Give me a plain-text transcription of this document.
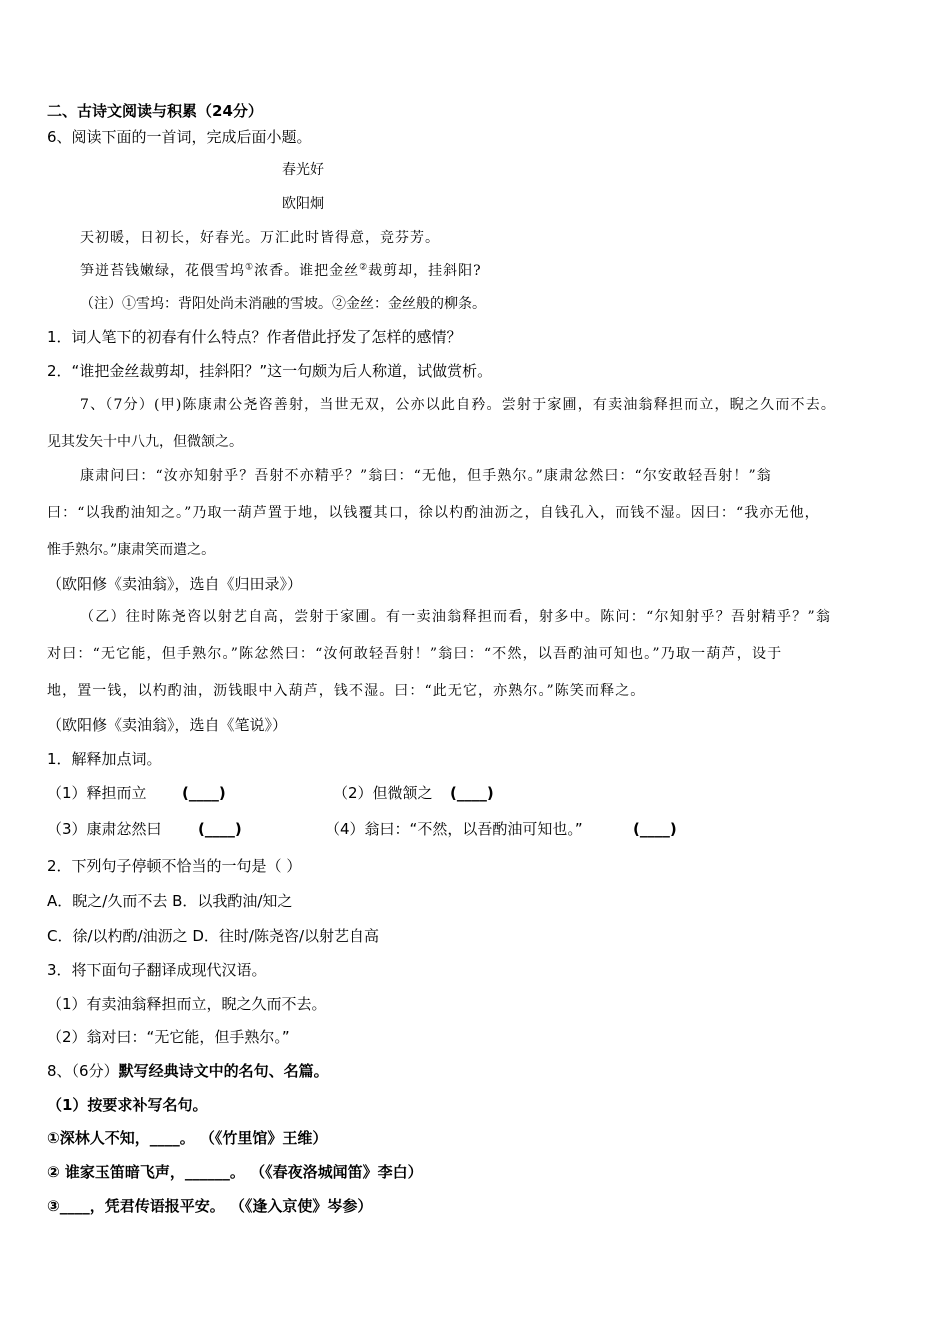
二、古诗文阅读与积累（24分）
6、阅读下面的一首词，完成后面小题。
春光好
欧阳炯
天初暖，日初长，好春光。万汇此时皆得意，竞芬芳。
笋迸苔钱嫩绿，花偎雪坞①浓香。谁把金丝②裁剪却，挂斜阳?
（注）①雪坞：背阳处尚未消融的雪坡。②金丝：金丝般的柳条。
1．词人笔下的初春有什么特点？作者借此抒发了怎样的感情？
2．“谁把金丝裁剪却，挂斜阳？”这一句颇为后人称道，试做赏析。
7、（7分）(甲)陈康肃公尧咨善射，当世无双，公亦以此自矜。尝射于家圃，有卖油翁释担而立，睨之久而不去。
见其发矢十中八九，但微颔之。
康肃问曰：“汝亦知射乎？吾射不亦精乎？”翁曰：“无他，但手熟尔。”康肃忿然曰：“尔安敢轻吾射！”翁
曰：“以我酌油知之。”乃取一葫芦置于地，以钱覆其口，徐以杓酌油沥之，自钱孔入，而钱不湿。因曰：“我亦无他，
惟手熟尔。”康肃笑而遣之。
（欧阳修《卖油翁》，选自《归田录》）
（乙）往时陈尧咨以射艺自高，尝射于家圃。有一卖油翁释担而看，射多中。陈问：“尔知射乎？吾射精乎？”翁
对曰：“无它能，但手熟尔。”陈忿然曰：“汝何敢轻吾射！”翁曰：“不然，以吾酌油可知也。”乃取一葫芦，设于
地，置一钱，以杓酌油，沥钱眼中入葫芦，钱不湿。曰：“此无它，亦熟尔。”陈笑而释之。
（欧阳修《卖油翁》，选自《笔说》）
1．解释加点词。
（1）释担而立 (____)	（2）但微颔之 (____)
（3）康肃忿然曰 (____)	（4）翁曰：“不然，以吾酌油可知也。”	(____)
2．下列句子停顿不恰当的一句是（ ）
A．睨之/久而不去 B．以我酌油/知之
C．徐/以杓酌/油沥之 D．往时/陈尧咨/以射艺自高
3．将下面句子翻译成现代汉语。
（1）有卖油翁释担而立，睨之久而不去。
（2）翁对曰：“无它能，但手熟尔。”
8、（6分）默写经典诗文中的名句、名篇。
（1）按要求补写名句。
①深林人不知，____。 （《竹里馆》王维）
② 谁家玉笛暗飞声，______。 （《春夜洛城闻笛》李白）
③____，凭君传语报平安。 （《逢入京使》岑参）
